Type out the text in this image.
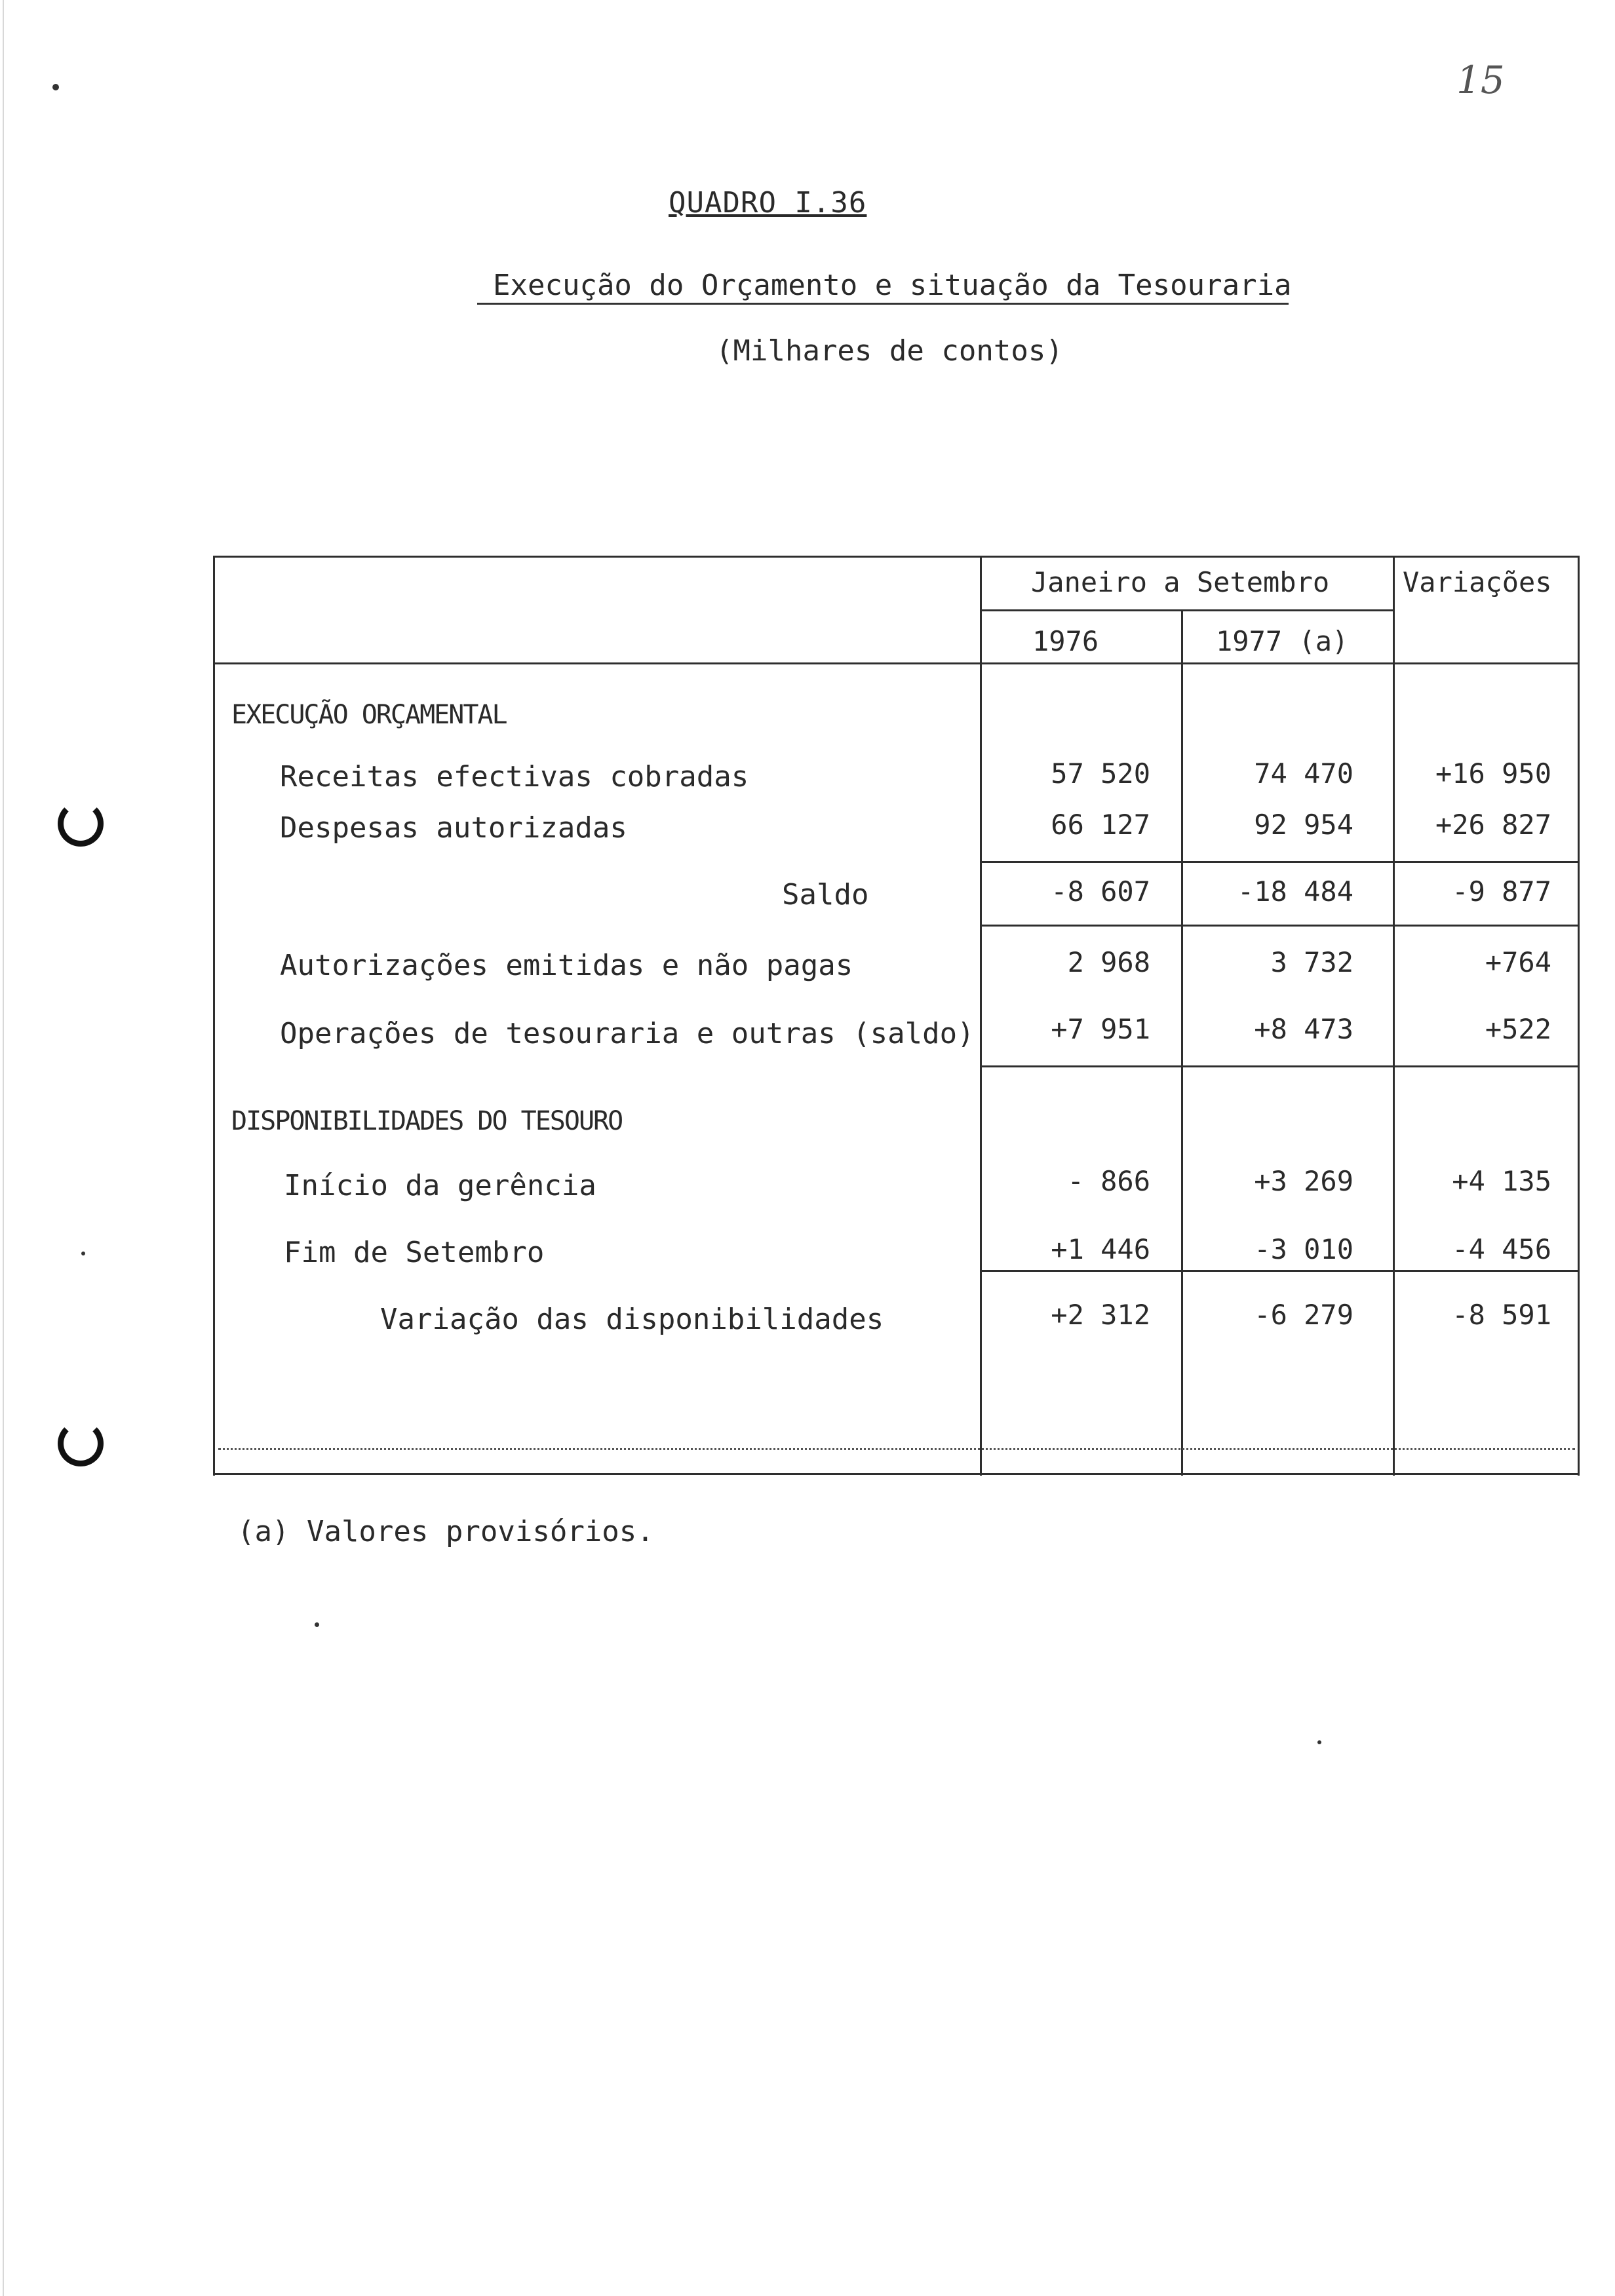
15
QUADRO I.36
Execução do Orçamento e situação da Tesouraria
(Milhares de contos)
Janeiro a Setembro	Variações
1976	1977 (a)
EXECUÇÃO ORÇAMENTAL
Receitas efectivas cobradas	57 520	74 470	+16 950
Despesas autorizadas	66 127	92 954	+26 827
Saldo	-8 607	-18 484	-9 877
Autorizações emitidas e não pagas	2 968	3 732	+764
Operações de tesouraria e outras (saldo)	+7 951	+8 473	+522
DISPONIBILIDADES DO TESOURO
Início da gerência	- 866	+3 269	+4 135
Fim de Setembro	+1 446	-3 010	-4 456
Variação das disponibilidades	+2 312	-6 279	-8 591
(a) Valores provisórios.
